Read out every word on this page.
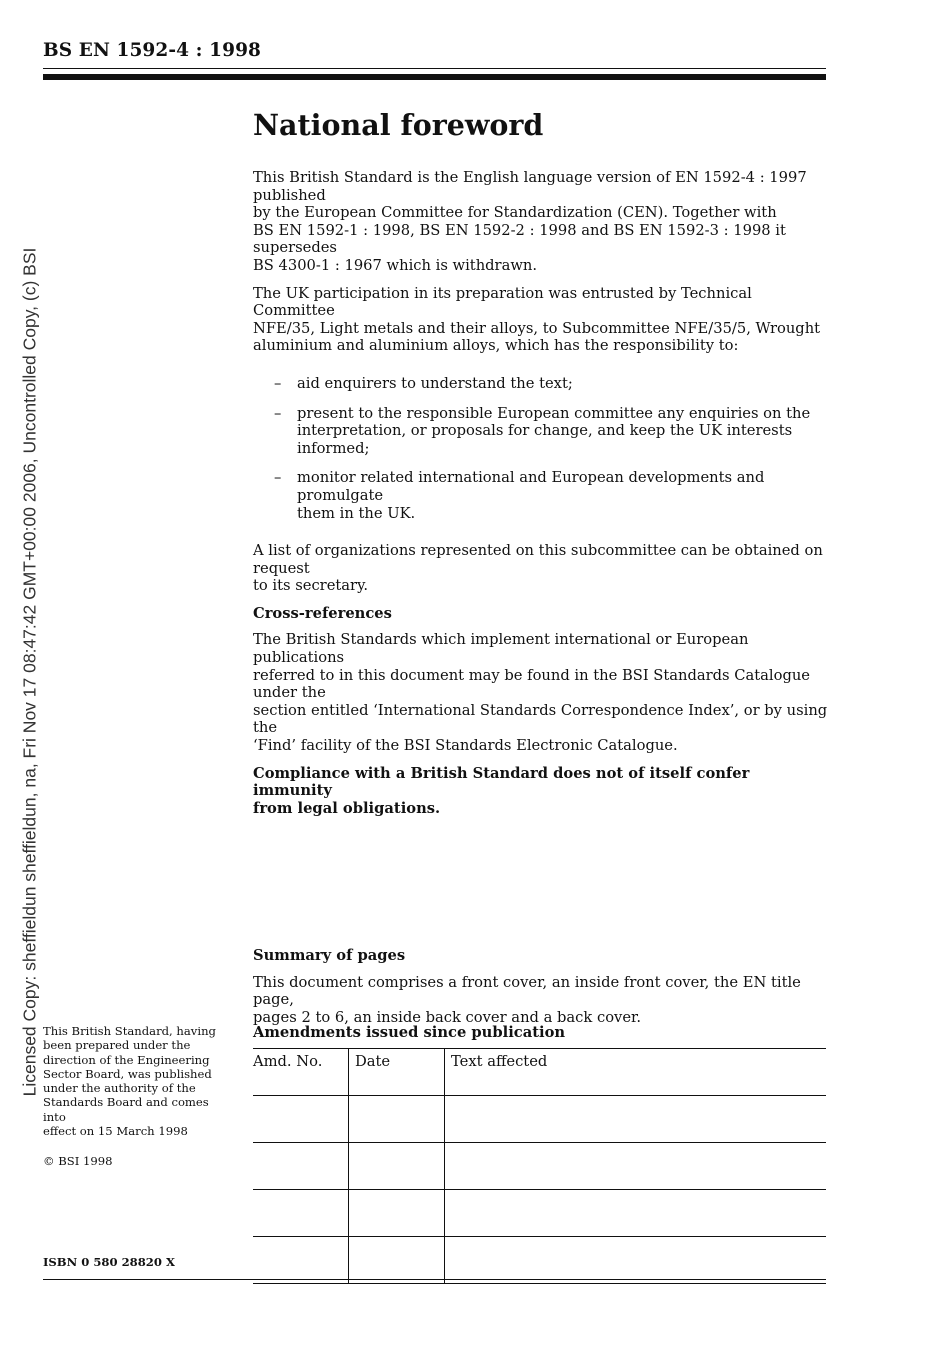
BS EN 1592-4 : 1998
Licensed Copy: sheffieldun sheffieldun, na, Fri Nov 17 08:47:42 GMT+00:00 2006, Uncontrolled Copy, (c) BSI
National foreword

This British Standard is the English language version of EN 1592-4 : 1997 published
by the European Committee for Standardization (CEN). Together with
BS EN 1592-1 : 1998, BS EN 1592-2 : 1998 and BS EN 1592-3 : 1998 it supersedes
BS 4300-1 : 1967 which is withdrawn.

The UK participation in its preparation was entrusted by Technical Committee
NFE/35, Light metals and their alloys, to Subcommittee NFE/35/5, Wrought
aluminium and aluminium alloys, which has the responsibility to:

– aid enquirers to understand the text;
– present to the responsible European committee any enquiries on the
interpretation, or proposals for change, and keep the UK interests informed;
– monitor related international and European developments and promulgate
them in the UK.

A list of organizations represented on this subcommittee can be obtained on request
to its secretary.

Cross-references

The British Standards which implement international or European publications
referred to in this document may be found in the BSI Standards Catalogue under the
section entitled ‘International Standards Correspondence Index’, or by using the
‘Find’ facility of the BSI Standards Electronic Catalogue.

Compliance with a British Standard does not of itself confer immunity
from legal obligations.

Summary of pages

This document comprises a front cover, an inside front cover, the EN title page,
pages 2 to 6, an inside back cover and a back cover.

Amendments issued since publication
Amd. No.	Date	Text affected

This British Standard, having
been prepared under the
direction of the Engineering
Sector Board, was published
under the authority of the
Standards Board and comes into
effect on 15 March 1998
© BSI 1998
ISBN 0 580 28820 X
